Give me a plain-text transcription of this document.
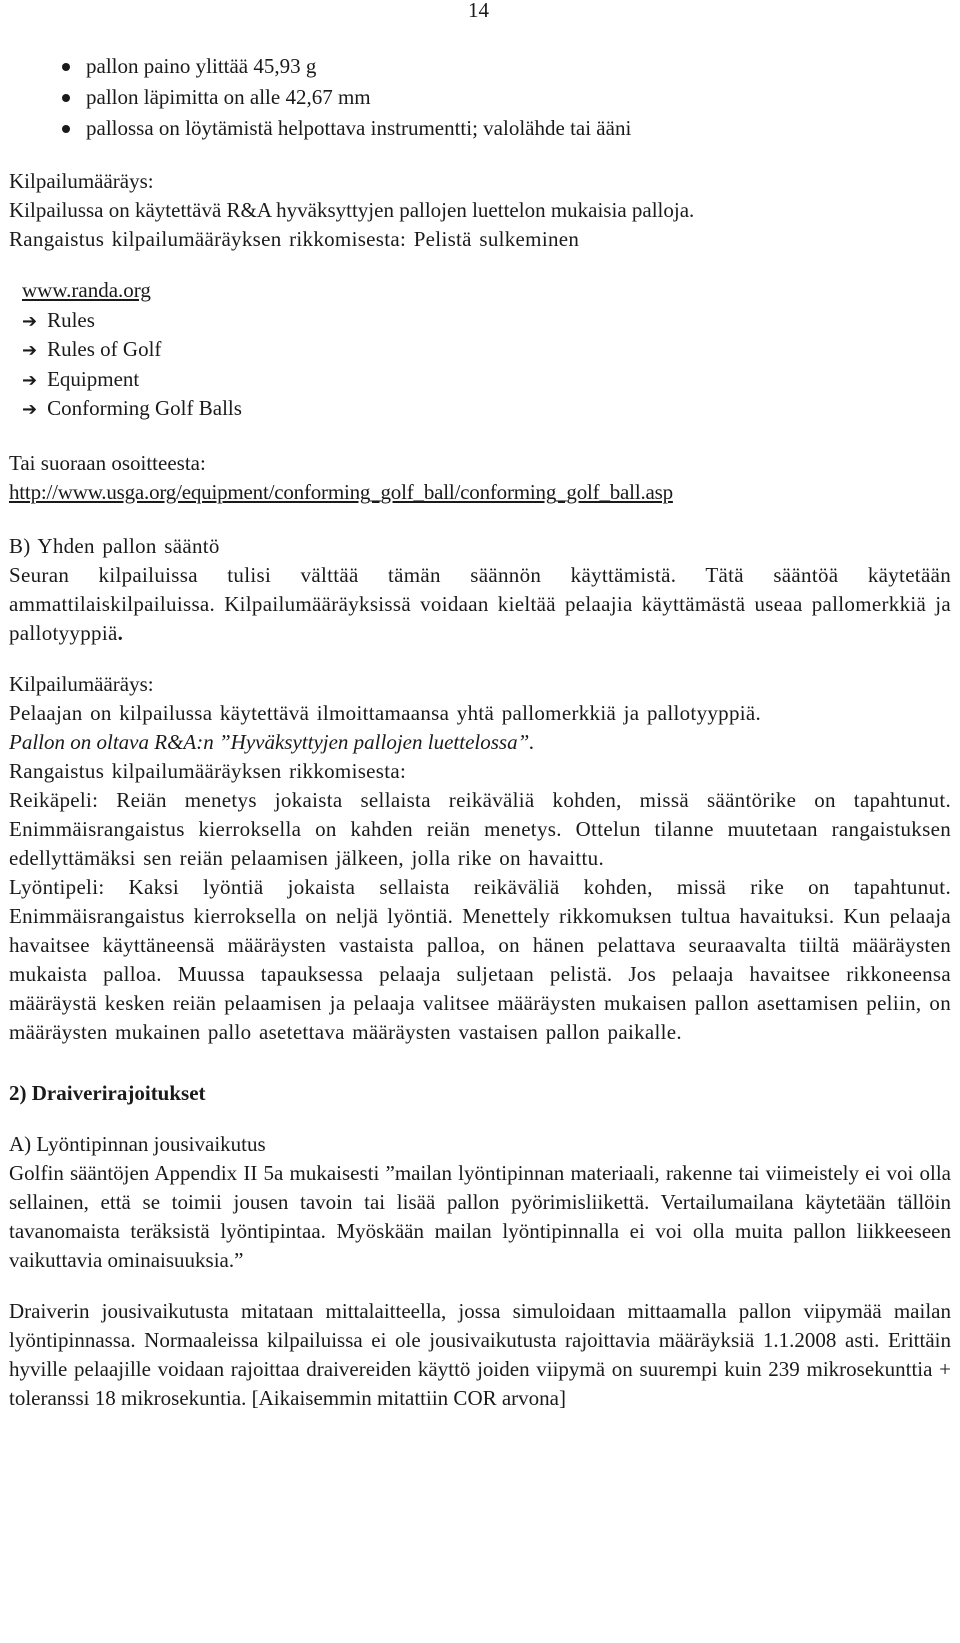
14
pallon paino ylittää 45,93 g
pallon läpimitta on alle 42,67 mm
pallossa on löytämistä helpottava instrumentti; valolähde tai ääni

Kilpailumääräys:

Kilpailussa on käytettävä R&A hyväksyttyjen pallojen luettelon mukaisia palloja.

Rangaistus kilpailumääräyksen rikkomisesta: Pelistä sulkeminen

www.randa.org
➔ Rules
➔ Rules of Golf
➔ Equipment
➔ Conforming Golf Balls

Tai suoraan osoitteesta:

http://www.usga.org/equipment/conforming_golf_ball/conforming_golf_ball.asp

B) Yhden pallon sääntö

Seuran kilpailuissa tulisi välttää tämän säännön käyttämistä. Tätä sääntöä käytetään ammattilaiskilpailuissa. Kilpailumääräyksissä voidaan kieltää pelaajia käyttämästä useaa pallomerkkiä ja pallotyyppiä.

Kilpailumääräys:

Pelaajan on kilpailussa käytettävä ilmoittamaansa yhtä pallomerkkiä ja pallotyyppiä.

Pallon on oltava R&A:n ”Hyväksyttyjen pallojen luettelossa”.

Rangaistus kilpailumääräyksen rikkomisesta:

Reikäpeli: Reiän menetys jokaista sellaista reikäväliä kohden, missä sääntörike on tapahtunut. Enimmäisrangaistus kierroksella on kahden reiän menetys. Ottelun tilanne muutetaan rangaistuksen edellyttämäksi sen reiän pelaamisen jälkeen, jolla rike on havaittu.

Lyöntipeli: Kaksi lyöntiä jokaista sellaista reikäväliä kohden, missä rike on tapahtunut. Enimmäisrangaistus kierroksella on neljä lyöntiä. Menettely rikkomuksen tultua havaituksi. Kun pelaaja havaitsee käyttäneensä määräysten vastaista palloa, on hänen pelattava seuraavalta tiiltä määräysten mukaista palloa. Muussa tapauksessa pelaaja suljetaan pelistä. Jos pelaaja havaitsee rikkoneensa määräystä kesken reiän pelaamisen ja pelaaja valitsee määräysten mukaisen pallon asettamisen peliin, on määräysten mukainen pallo asetettava määräysten vastaisen pallon paikalle.

2) Draiverirajoitukset

A) Lyöntipinnan jousivaikutus

Golfin sääntöjen Appendix II 5a mukaisesti ”mailan lyöntipinnan materiaali, rakenne tai viimeistely ei voi olla sellainen, että se toimii jousen tavoin tai lisää pallon pyörimisliikettä. Vertailumailana käytetään tällöin tavanomaista teräksistä lyöntipintaa. Myöskään mailan lyöntipinnalla ei voi olla muita pallon liikkeeseen vaikuttavia ominaisuuksia.”

Draiverin jousivaikutusta mitataan mittalaitteella, jossa simuloidaan mittaamalla pallon viipymää mailan lyöntipinnassa. Normaaleissa kilpailuissa ei ole jousivaikutusta rajoittavia määräyksiä 1.1.2008 asti. Erittäin hyville pelaajille voidaan rajoittaa draivereiden käyttö joiden viipymä on suurempi kuin 239 mikrosekunttia + toleranssi 18 mikrosekuntia. [Aikaisemmin mitattiin COR arvona]
